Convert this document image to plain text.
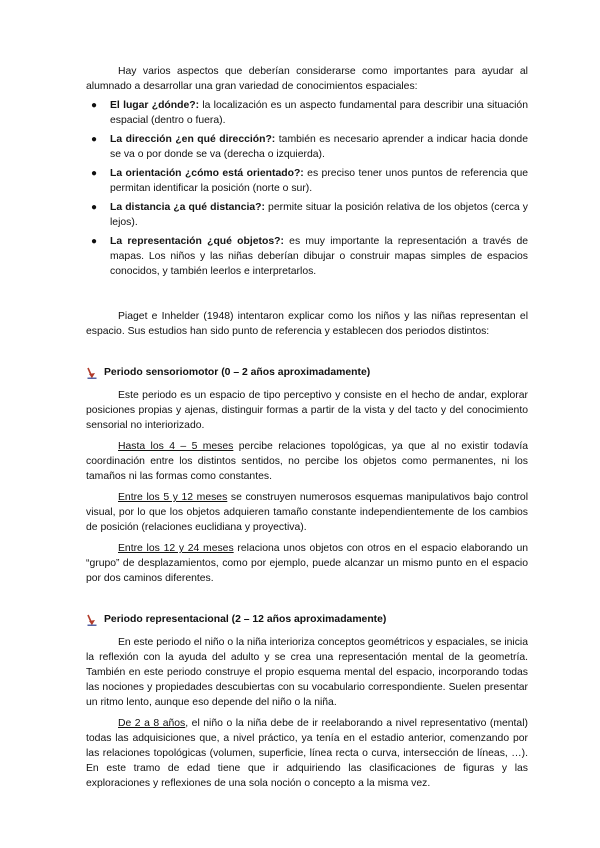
Hay varios aspectos que deberían considerarse como importantes para ayudar al alumnado a desarrollar una gran variedad de conocimientos espaciales:

● El lugar ¿dónde?: la localización es un aspecto fundamental para describir una situación espacial (dentro o fuera).
● La dirección ¿en qué dirección?: también es necesario aprender a indicar hacia donde se va o por donde se va (derecha o izquierda).
● La orientación ¿cómo está orientado?: es preciso tener unos puntos de referencia que permitan identificar la posición (norte o sur).
● La distancia ¿a qué distancia?: permite situar la posición relativa de los objetos (cerca y lejos).
● La representación ¿qué objetos?: es muy importante la representación a través de mapas. Los niños y las niñas deberían dibujar o construir mapas simples de espacios conocidos, y también leerlos e interpretarlos.

Piaget e Inhelder (1948) intentaron explicar como los niños y las niñas representan el espacio. Sus estudios han sido punto de referencia y establecen dos periodos distintos:

Periodo sensoriomotor (0 – 2 años aproximadamente)

Este periodo es un espacio de tipo perceptivo y consiste en el hecho de andar, explorar posiciones propias y ajenas, distinguir formas a partir de la vista y del tacto y del conocimiento sensorial no interiorizado.

Hasta los 4 – 5 meses percibe relaciones topológicas, ya que al no existir todavía coordinación entre los distintos sentidos, no percibe los objetos como permanentes, ni los tamaños ni las formas como constantes.

Entre los 5 y 12 meses se construyen numerosos esquemas manipulativos bajo control visual, por lo que los objetos adquieren tamaño constante independientemente de los cambios de posición (relaciones euclidiana y proyectiva).

Entre los 12 y 24 meses relaciona unos objetos con otros en el espacio elaborando un “grupo” de desplazamientos, como por ejemplo, puede alcanzar un mismo punto en el espacio por dos caminos diferentes.

Periodo representacional (2 – 12 años aproximadamente)

En este periodo el niño o la niña interioriza conceptos geométricos y espaciales, se inicia la reflexión con la ayuda del adulto y se crea una representación mental de la geometría. También en este periodo construye el propio esquema mental del espacio, incorporando todas las nociones y propiedades descubiertas con su vocabulario correspondiente. Suelen presentar un ritmo lento, aunque eso depende del niño o la niña.

De 2 a 8 años, el niño o la niña debe de ir reelaborando a nivel representativo (mental) todas las adquisiciones que, a nivel práctico, ya tenía en el estadio anterior, comenzando por las relaciones topológicas (volumen, superficie, línea recta o curva, intersección de líneas, …). En este tramo de edad tiene que ir adquiriendo las clasificaciones de figuras y las exploraciones y reflexiones de una sola noción o concepto a la misma vez.
